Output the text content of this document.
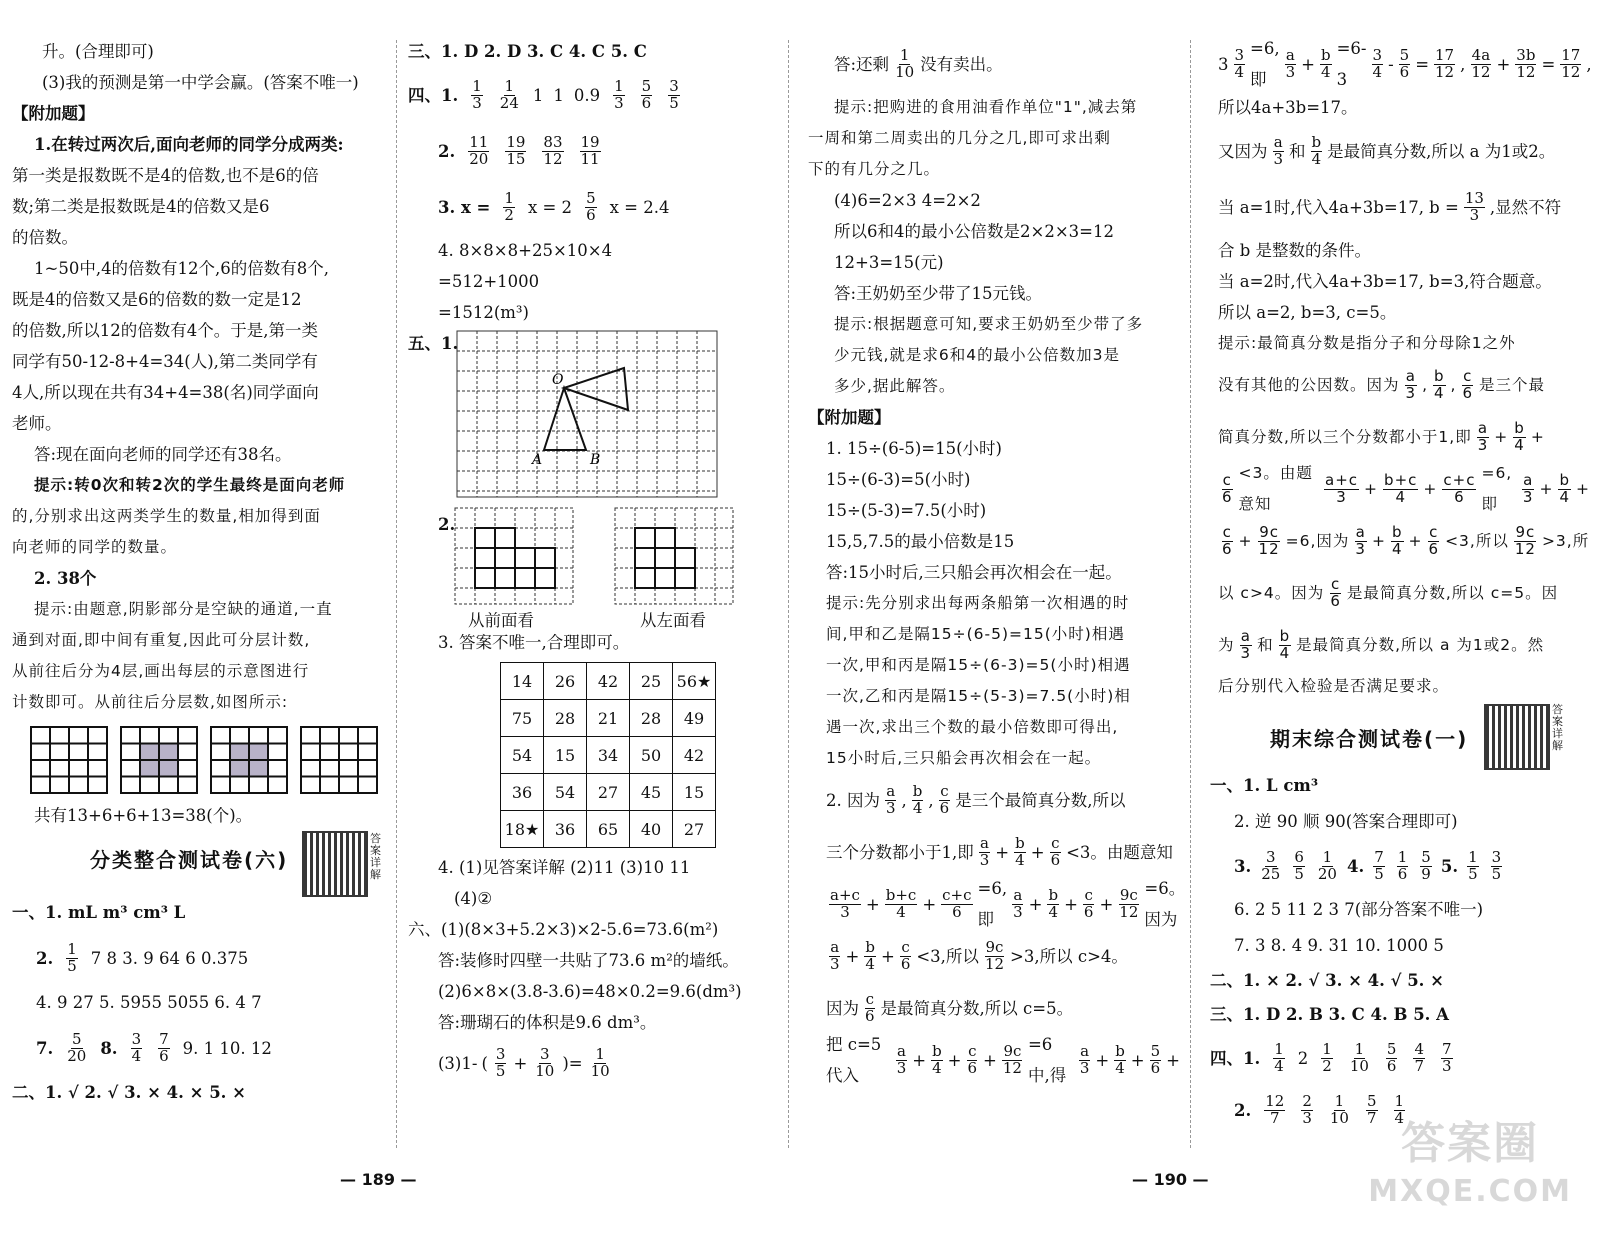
升。(合理即可)

(3)我的预测是第一中学会赢。(答案不唯一)

【附加题】

1.在转过两次后,面向老师的同学分成两类:

第一类是报数既不是4的倍数,也不是6的倍

数;第二类是报数既是4的倍数又是6

的倍数。

1~50中,4的倍数有12个,6的倍数有8个,

既是4的倍数又是6的倍数的数一定是12

的倍数,所以12的倍数有4个。于是,第一类

同学有50-12-8+4=34(人),第二类同学有

4人,所以现在共有34+4=38(名)同学面向

老师。

答:现在面向老师的同学还有38名。

提示:转0次和转2次的学生最终是面向老师

的,分别求出这两类学生的数量,相加得到面

向老师的同学的数量。

2. 38个

提示:由题意,阴影部分是空缺的通道,一直

通到对面,即中间有重复,因此可分层计数,

从前往后分为4层,画出每层的示意图进行

计数即可。从前往后分层数,如图所示:

共有13+6+6+13=38(个)。

分类整合测试卷(六)
答案详解

一、1. mL m³ cm³ L

2. $\frac{1}{5} 7$ 8 3. 9 64 6 0.375

4. 9 27 5. 5955 5055 6. 4 7

7. $\frac{5}{20} 8$. $\frac{3}{4} \frac{7}{6} 9$. 1 10. 12

二、1. √ 2. √ 3. × 4. × 5. ×

— 189 —

三、1. D 2. D 3. C 4. C 5. C

四、1. $\frac{1}{3} \frac{1}{24} 1$ 1 $0.9 \frac{1}{3} \frac{5}{6} \frac{3}{5}$
2. $\frac{11}{20} \frac{19}{15} \frac{83}{12} \frac{19}{11}$
3. $x = \frac{1}{2}$ $x = 2 \frac{5}{6}$ x = 2.4

4. 8×8×8+25×10×4

=512+1000

=1512(m³)

五、1.
O
A	B
2.
从前面看	从左面看

3. 答案不唯一,合理即可。

14	26	42	25	56★
75	28	21	28	49
54	15	34	50	42
36	54	27	45	15
18★	36	65	40	27

4. (1)见答案详解 (2)11 (3)10 11

(4)②

六、(1)(8×3+5.2×3)×2-5.6=73.6(m²)

答:装修时四壁一共贴了73.6 m²的墙纸。

(2)6×8×(3.8-3.6)=48×0.2=9.6(dm³)

答:珊瑚石的体积是9.6 dm³。

(3)1- ( $\frac{3}{5} + \frac{3}{10}$ )= $\frac{1}{10}$
答:还剩 $\frac{1}{10}$ 没有卖出。

提示:把购进的食用油看作单位"1",减去第

一周和第二周卖出的几分之几,即可求出剩

下的有几分之几。

(4)6=2×3 4=2×2

所以6和4的最小公倍数是2×2×3=12

12+3=15(元)

答:王奶奶至少带了15元钱。

提示:根据题意可知,要求王奶奶至少带了多

少元钱,就是求6和4的最小公倍数加3是

多少,据此解答。

【附加题】

1. 15÷(6-5)=15(小时)

15÷(6-3)=5(小时)

15÷(5-3)=7.5(小时)

15,5,7.5的最小倍数是15

答:15小时后,三只船会再次相会在一起。

提示:先分别求出每两条船第一次相遇的时

间,甲和乙是隔15÷(6-5)=15(小时)相遇

一次,甲和丙是隔15÷(6-3)=5(小时)相遇

一次,乙和丙是隔15÷(5-3)=7.5(小时)相

遇一次,求出三个数的最小倍数即可得出,

15小时后,三只船会再次相会在一起。

2. 因为 $\frac{a}{3}$ , $\frac{b}{4}$ , $\frac{c}{6}$ 是三个最简真分数,所以
三个分数都小于1,即 $\frac{a}{3} + \frac{b}{4} + \frac{c}{6} <3$。由题意知
$\frac{a+c}{3} + \frac{b+c}{4} + \frac{c+c}{6} =6$,即	$\frac{a}{3} + \frac{b}{4} + \frac{c}{6} + \frac{9c}{12} =6$。因为
$\frac{a}{3} + \frac{b}{4} + \frac{c}{6} <3$,所以 $\frac{9c}{12} >3$,所以 c>4。
因为 $\frac{c}{6}$ 是最简真分数,所以 c=5。
把 c=5代入	$\frac{a}{3} + \frac{b}{4} + \frac{c}{6} + \frac{9c}{12} =6$中,得 $\frac{a}{3} + \frac{b}{4} + \frac{5}{6}$ +
— 190 —
$3 \frac{3}{4} =6$,即	$\frac{a}{3} + \frac{b}{4} =6-3$	$\frac{3}{4} - \frac{5}{6} = \frac{17}{12}$ , $\frac{4a}{12} + \frac{3b}{12} = \frac{17}{12}$ ,

所以4a+3b=17。

又因为 $\frac{a}{3}$ 和 $\frac{b}{4}$ 是最简真分数,所以 a 为1或2。
当 a=1时,代入4a+3b=17, $b = \frac{13}{3}$ ,显然不符

合 b 是整数的条件。

当 a=2时,代入4a+3b=17, b=3,符合题意。

所以 a=2, b=3, c=5。

提示:最简真分数是指分子和分母除1之外

没有其他的公因数。因为 $\frac{a}{3}$ , $\frac{b}{4}$ , $\frac{c}{6}$ 是三个最
简真分数,所以三个分数都小于1,即 $\frac{a}{3} + \frac{b}{4}$ +
$\frac{c}{6} <3$。由题意知	$\frac{a+c}{3} + \frac{b+c}{4} + \frac{c+c}{6} =6$,即	$\frac{a}{3} + \frac{b}{4}$ +
$\frac{c}{6} + \frac{9c}{12} =6$,因为 $\frac{a}{3} + \frac{b}{4} + \frac{c}{6} <3$,所以 $\frac{9c}{12} >3$,所
以 c>4。因为 $\frac{c}{6}$ 是最简真分数,所以 c=5。因
为 $\frac{a}{3}$ 和 $\frac{b}{4}$ 是最简真分数,所以 a 为1或2。然

后分别代入检验是否满足要求。

期末综合测试卷(一)
答案详解

一、1. L cm³

2. 逆 90 顺 90(答案合理即可)

3. $\frac{3}{25} \frac{6}{5} \frac{1}{20} 4$. $\frac{7}{5} \frac{1}{6} \frac{5}{9} 5$. $\frac{1}{5} \frac{3}{5}$

6. 2 5 11 2 3 7(部分答案不唯一)

7. 3 8. 4 9. 31 10. 1000 5

二、1. × 2. √ 3. × 4. √ 5. ×

三、1. D 2. B 3. C 4. B 5. A

四、1. $\frac{1}{4} 2 \frac{1}{2} \frac{1}{10} \frac{5}{6} \frac{4}{7} \frac{7}{3}$
2. $\frac{12}{7} \frac{2}{3} \frac{1}{10} \frac{5}{7} \frac{1}{4}$
答案圈
MXQE.COM
